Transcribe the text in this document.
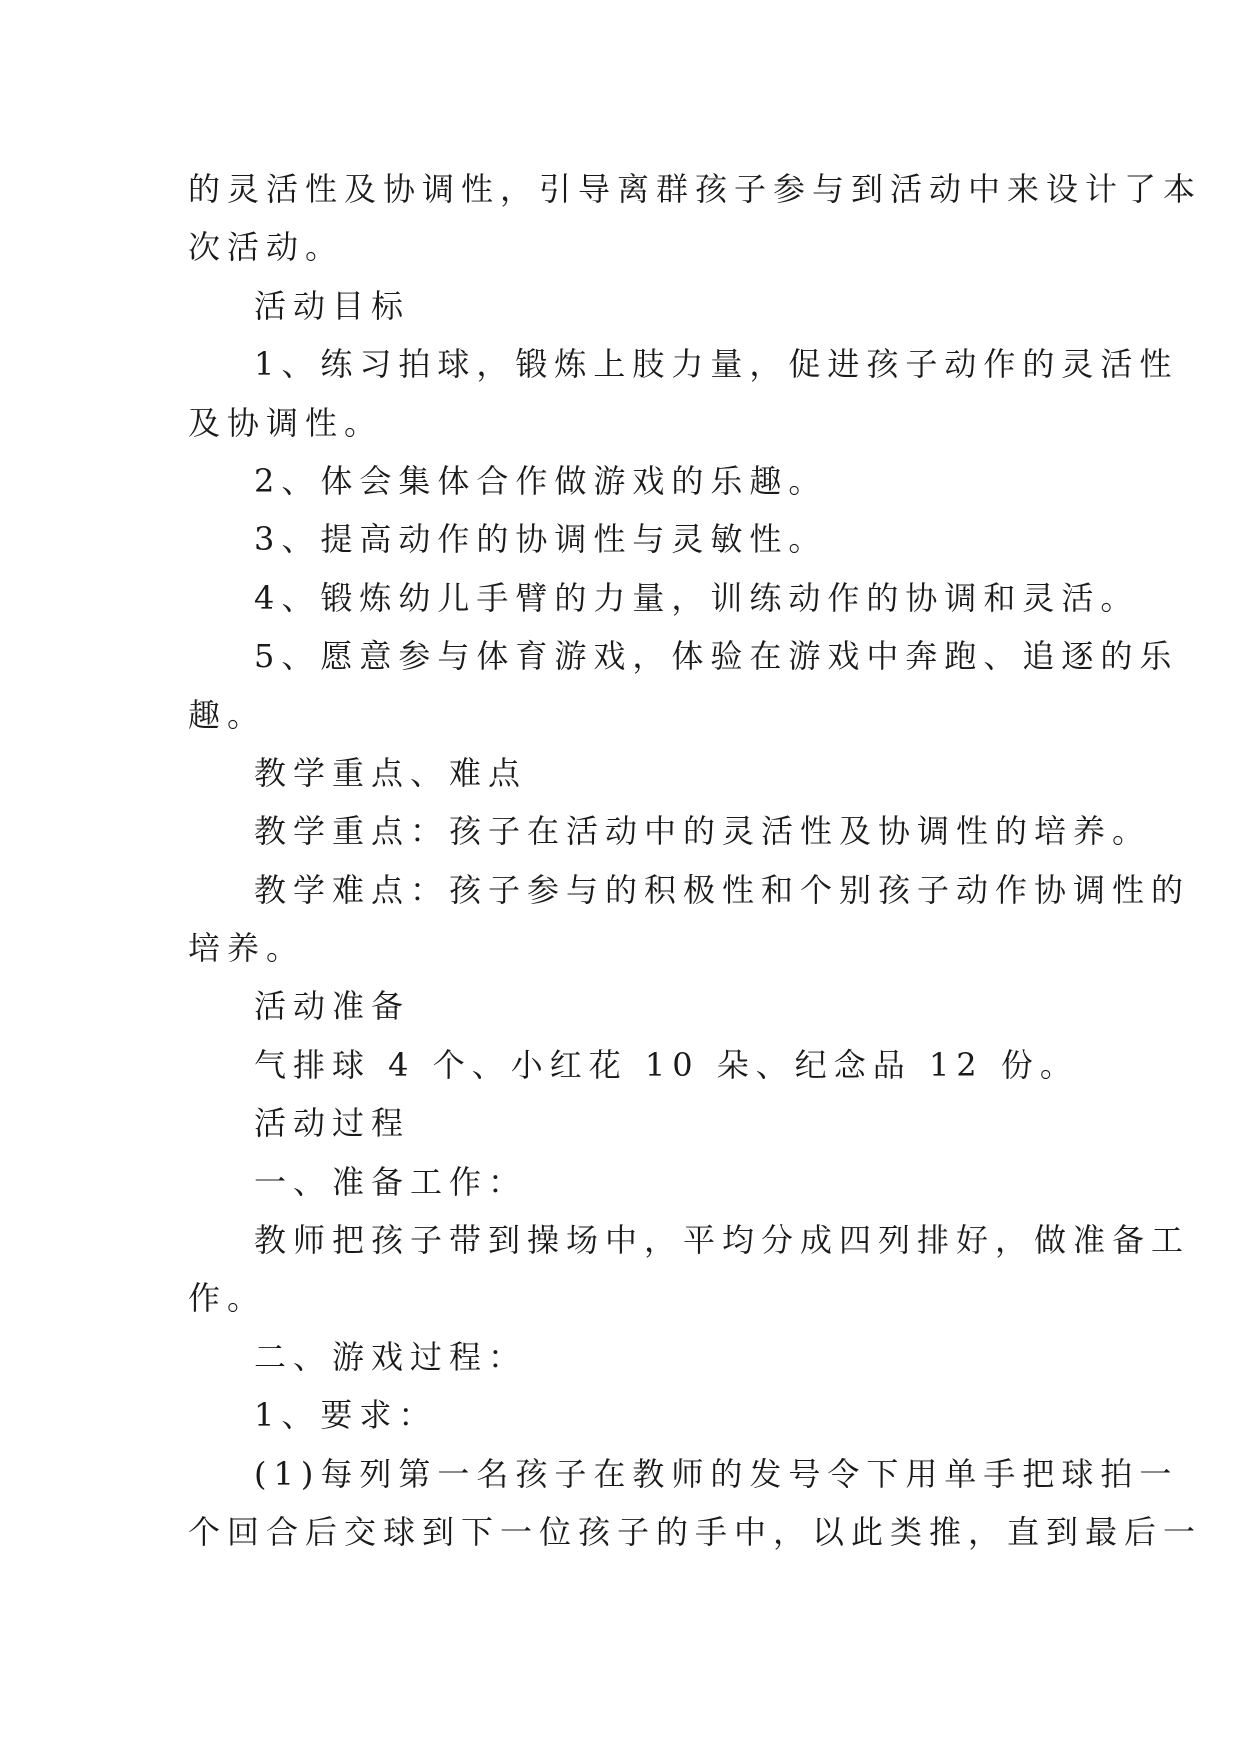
的灵活性及协调性，引导离群孩子参与到活动中来设计了本
次活动。
活动目标
1、练习拍球，锻炼上肢力量，促进孩子动作的灵活性
及协调性。
2、体会集体合作做游戏的乐趣。
3、提高动作的协调性与灵敏性。
4、锻炼幼儿手臂的力量，训练动作的协调和灵活。
5、愿意参与体育游戏，体验在游戏中奔跑、追逐的乐
趣。
教学重点、难点
教学重点：孩子在活动中的灵活性及协调性的培养。
教学难点：孩子参与的积极性和个别孩子动作协调性的
培养。
活动准备
气排球 4 个、小红花 10 朵、纪念品 12 份。
活动过程
一、准备工作：
教师把孩子带到操场中，平均分成四列排好，做准备工
作。
二、游戏过程：
1、要求：
(1)每列第一名孩子在教师的发号令下用单手把球拍一
个回合后交球到下一位孩子的手中，以此类推，直到最后一
